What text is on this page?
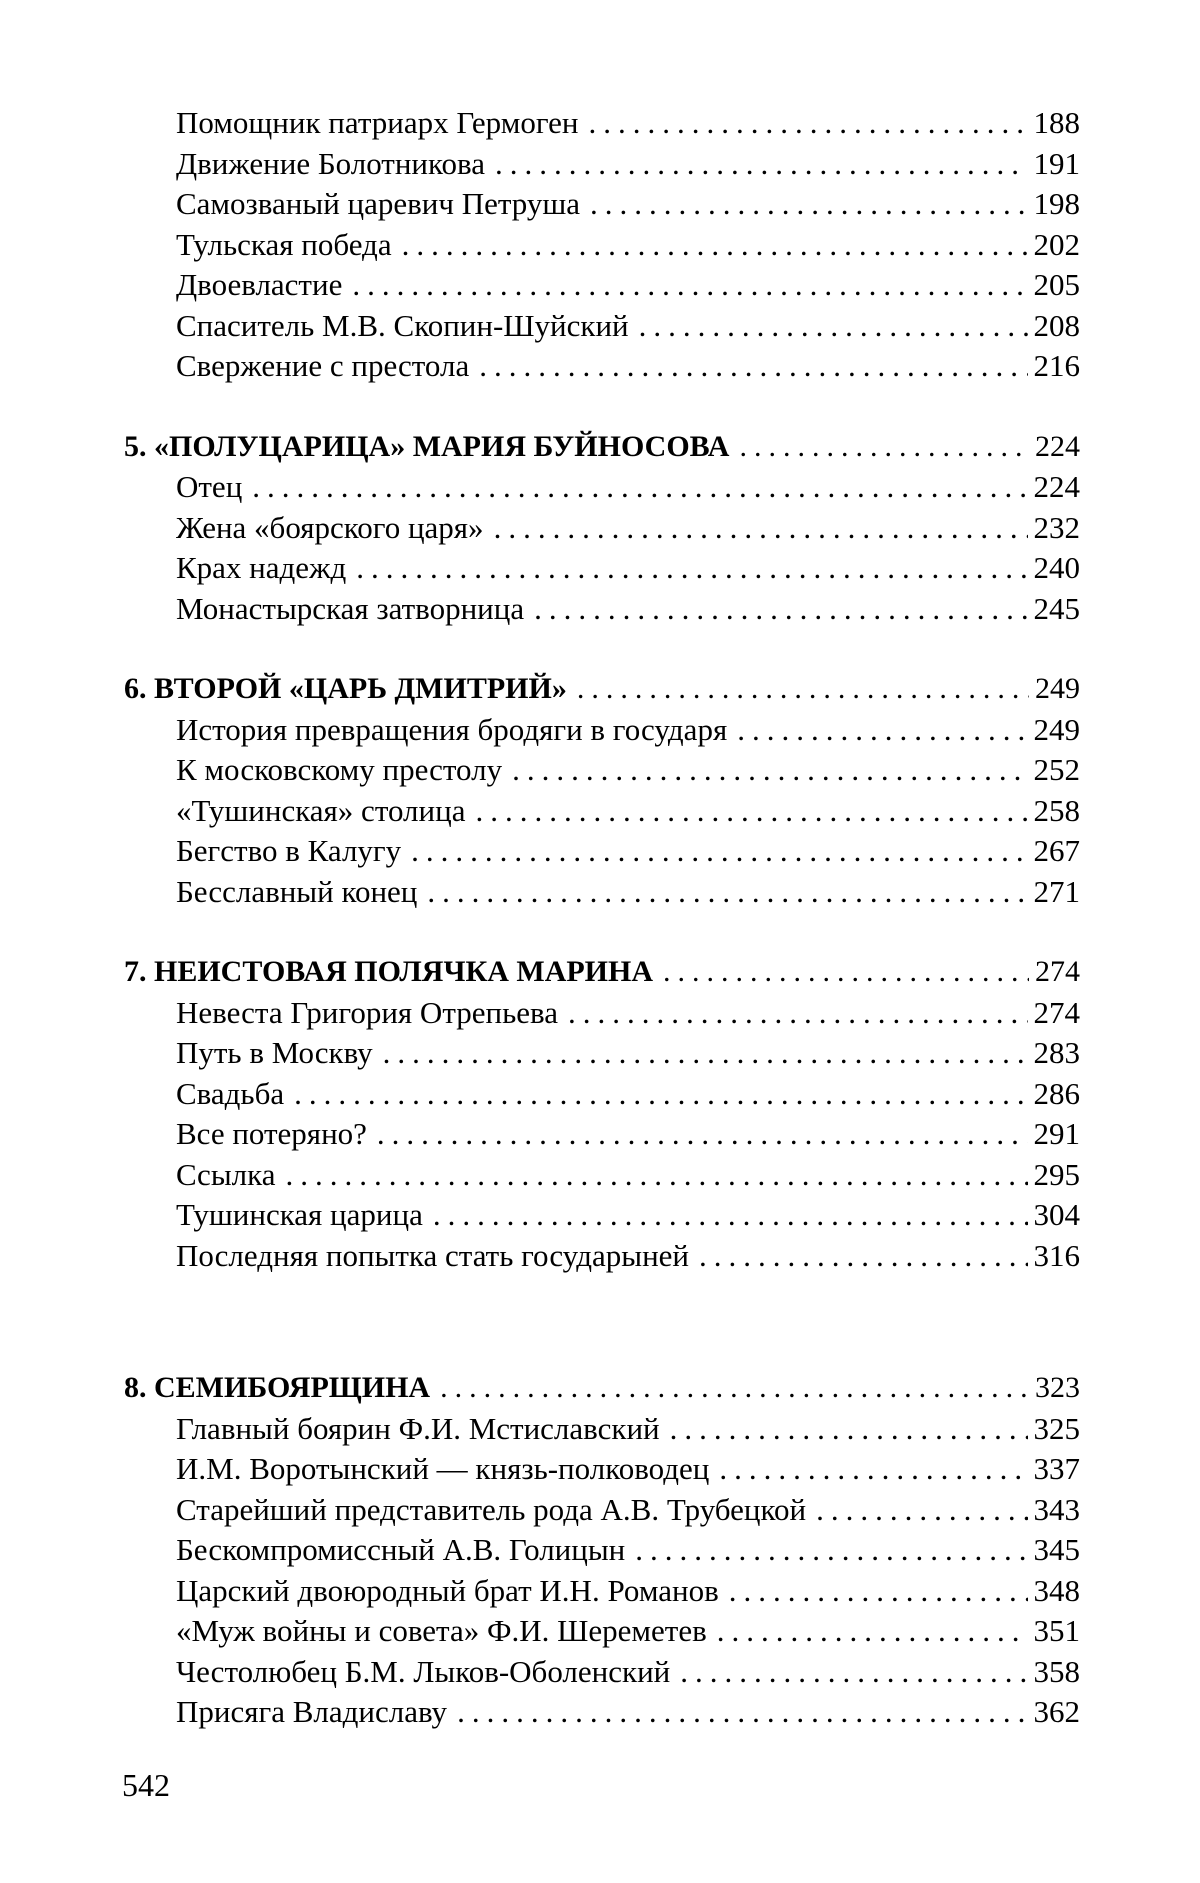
Помощник патриарх Гермоген .....	188
Движение Болотникова .....	191
Самозваный царевич Петруша .....	198
Тульская победа .....	202
Двоевластие .....	205
Спаситель М.В. Скопин-Шуйский .....	208
Свержение с престола .....	216
5. «ПОЛУЦАРИЦА» МАРИЯ БУЙНОСОВА .....	224
Отец .....	224
Жена «боярского царя» .....	232
Крах надежд .....	240
Монастырская затворница .....	245
6. ВТОРОЙ «ЦАРЬ ДМИТРИЙ» .....	249
История превращения бродяги в государя .....	249
К московскому престолу .....	252
«Тушинская» столица .....	258
Бегство в Калугу .....	267
Бесславный конец .....	271
7. НЕИСТОВАЯ ПОЛЯЧКА МАРИНА .....	274
Невеста Григория Отрепьева .....	274
Путь в Москву .....	283
Свадьба .....	286
Все потеряно? .....	291
Ссылка .....	295
Тушинская царица .....	304
Последняя попытка стать государыней .....	316
8. СЕМИБОЯРЩИНА .....	323
Главный боярин Ф.И. Мстиславский .....	325
И.М. Воротынский — князь-полководец .....	337
Старейший представитель рода А.В. Трубецкой .....	343
Бескомпромиссный А.В. Голицын .....	345
Царский двоюродный брат И.Н. Романов .....	348
«Муж войны и совета» Ф.И. Шереметев .....	351
Честолюбец Б.М. Лыков-Оболенский .....	358
Присяга Владиславу .....	362
542
